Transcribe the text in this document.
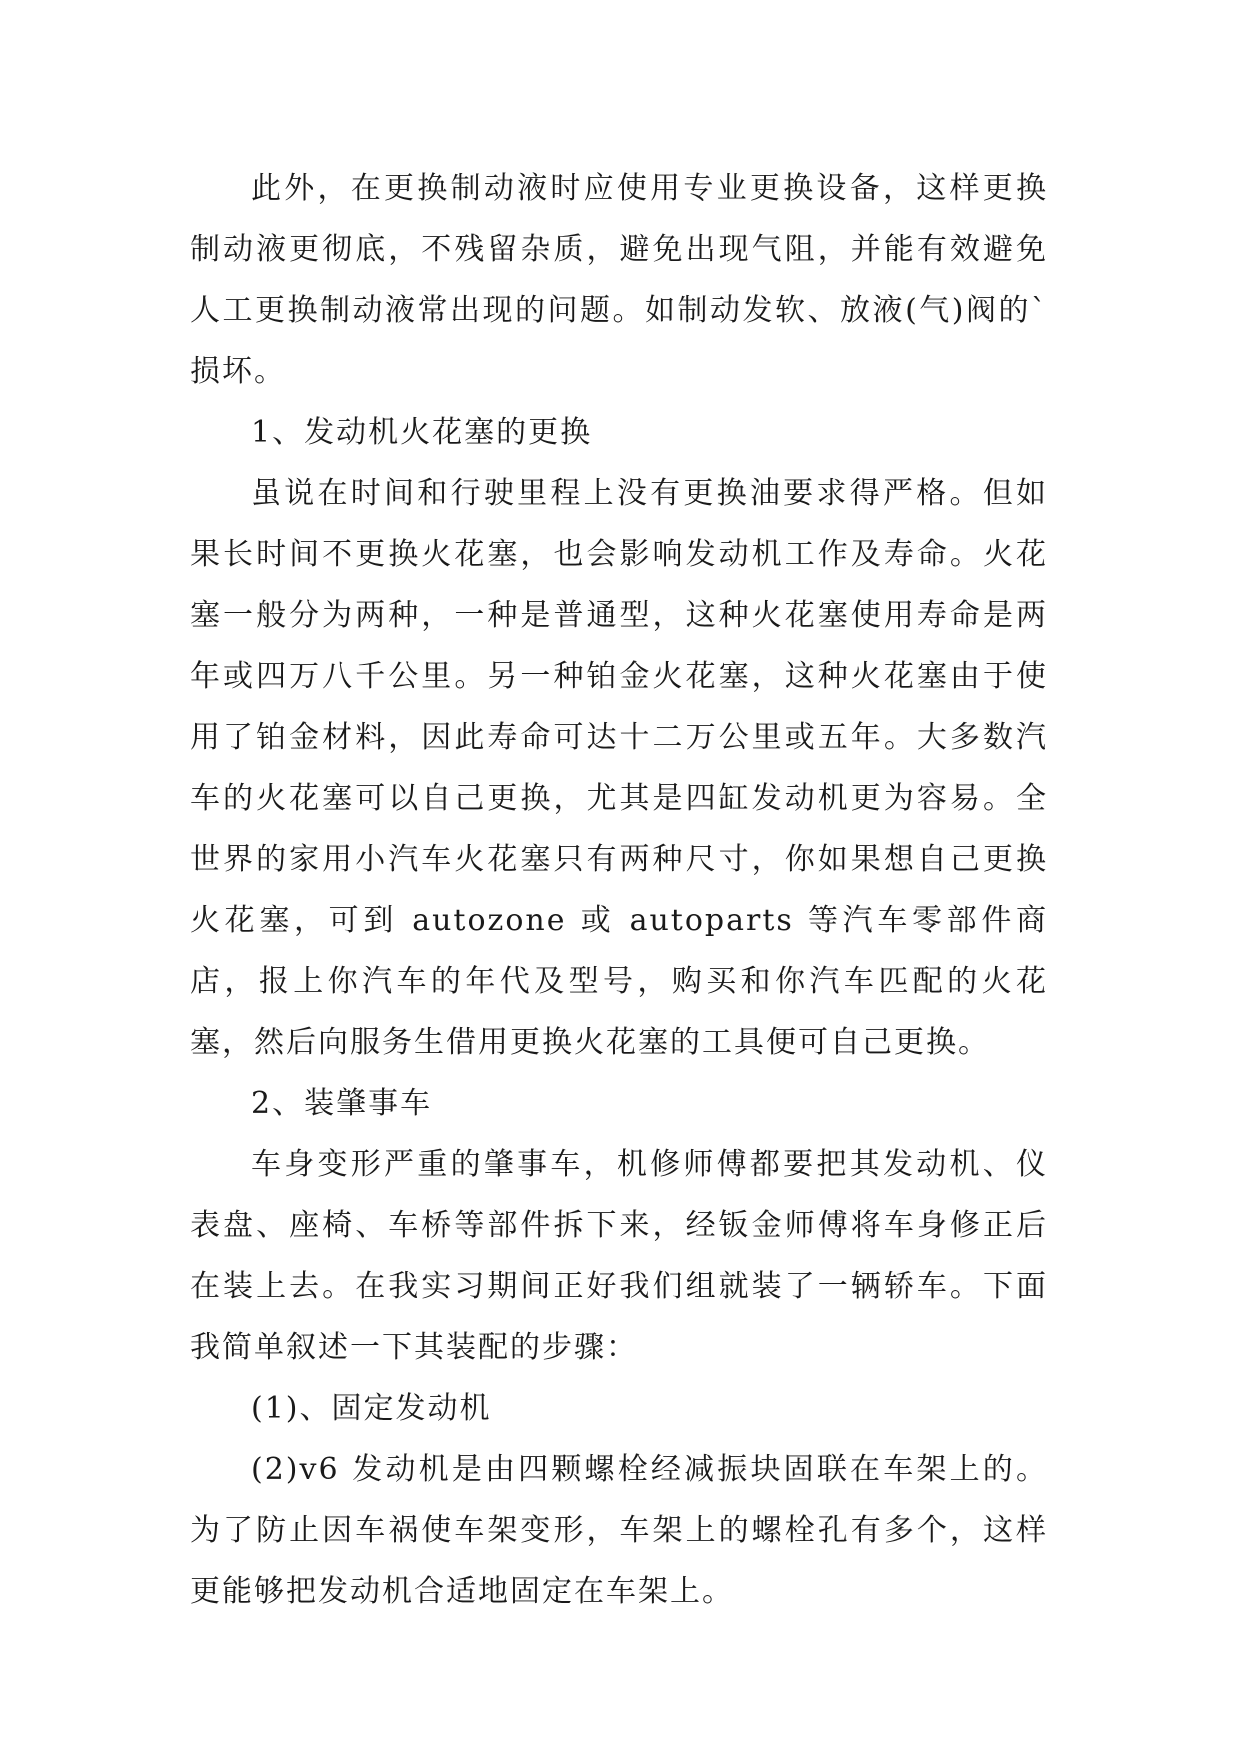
此外，在更换制动液时应使用专业更换设备，这样更换制动液更彻底，不残留杂质，避免出现气阻，并能有效避免人工更换制动液常出现的问题。如制动发软、放液(气)阀的`损坏。

1、发动机火花塞的更换

虽说在时间和行驶里程上没有更换油要求得严格。但如果长时间不更换火花塞，也会影响发动机工作及寿命。火花塞一般分为两种，一种是普通型，这种火花塞使用寿命是两年或四万八千公里。另一种铂金火花塞，这种火花塞由于使用了铂金材料，因此寿命可达十二万公里或五年。大多数汽车的火花塞可以自己更换，尤其是四缸发动机更为容易。全世界的家用小汽车火花塞只有两种尺寸，你如果想自己更换火花塞，可到 autozone 或 autoparts 等汽车零部件商店，报上你汽车的年代及型号，购买和你汽车匹配的火花塞，然后向服务生借用更换火花塞的工具便可自己更换。

2、装肇事车

车身变形严重的肇事车，机修师傅都要把其发动机、仪表盘、座椅、车桥等部件拆下来，经钣金师傅将车身修正后在装上去。在我实习期间正好我们组就装了一辆轿车。下面我简单叙述一下其装配的步骤：

(1)、固定发动机

(2)v6 发动机是由四颗螺栓经减振块固联在车架上的。为了防止因车祸使车架变形，车架上的螺栓孔有多个，这样更能够把发动机合适地固定在车架上。
